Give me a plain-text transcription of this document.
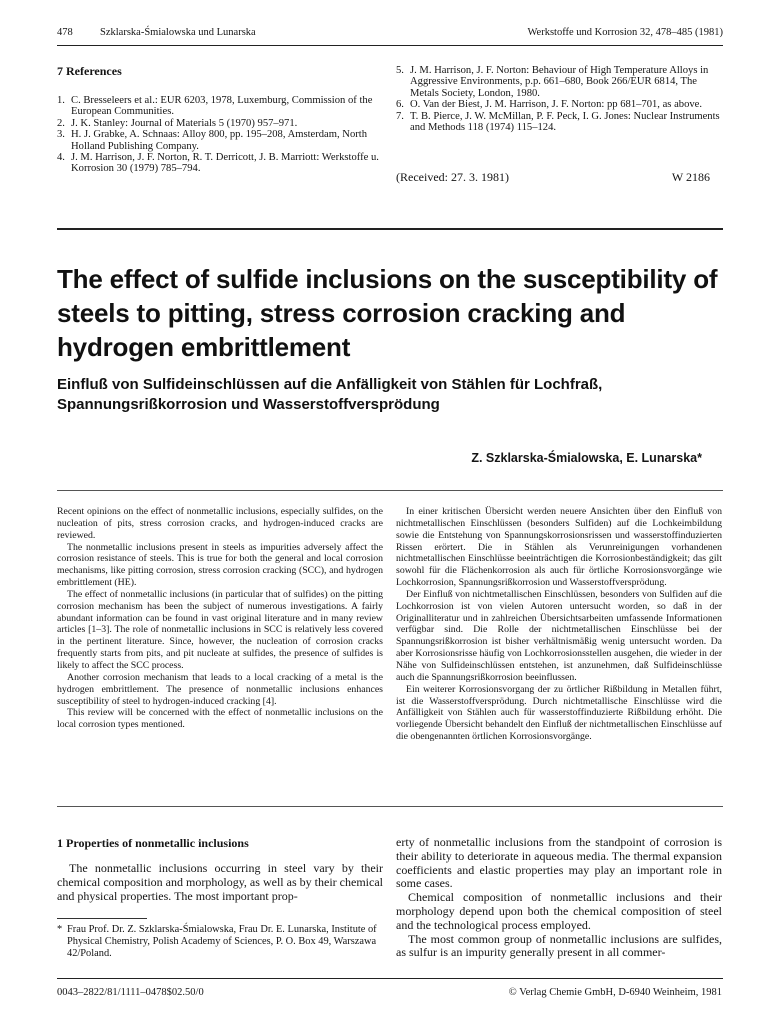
478	Szklarska-Śmialowska und Lunarska	Werkstoffe und Korrosion 32, 478–485 (1981)
7 References
1. C. Bresseleers et al.: EUR 6203, 1978, Luxemburg, Commission of the European Communities.
2. J. K. Stanley: Journal of Materials 5 (1970) 957–971.
3. H. J. Grabke, A. Schnaas: Alloy 800, pp. 195–208, Amsterdam, North Holland Publishing Company.
4. J. M. Harrison, J. F. Norton, R. T. Derricott, J. B. Marriott: Werkstoffe u. Korrosion 30 (1979) 785–794.
5. J. M. Harrison, J. F. Norton: Behaviour of High Temperature Alloys in Aggressive Environments, p.p. 661–680, Book 266/EUR 6814, The Metals Society, London, 1980.
6. O. Van der Biest, J. M. Harrison, J. F. Norton: pp 681–701, as above.
7. T. B. Pierce, J. W. McMillan, P. F. Peck, I. G. Jones: Nuclear Instruments and Methods 118 (1974) 115–124.
(Received: 27. 3. 1981)	W 2186
The effect of sulfide inclusions on the susceptibility of steels to pitting, stress corrosion cracking and hydrogen embrittlement
Einfluß von Sulfideinschlüssen auf die Anfälligkeit von Stählen für Lochfraß, Spannungsrißkorrosion und Wasserstoffversprödung
Z. Szklarska-Śmialowska, E. Lunarska*

Recent opinions on the effect of nonmetallic inclusions, especially sulfides, on the nucleation of pits, stress corrosion cracks, and hydrogen-induced cracks are reviewed.

The nonmetallic inclusions present in steels as impurities adversely affect the corrosion resistance of steels. This is true for both the general and local corrosion mechanisms, like pitting corrosion, stress corrosion cracking (SCC), and hydrogen embrittlement (HE).

The effect of nonmetallic inclusions (in particular that of sulfides) on the pitting corrosion mechanism has been the subject of numerous investigations. A fairly abundant information can be found in vast original literature and in many review articles [1–3]. The role of nonmetallic inclusions in SCC is relatively less covered in the pertinent literature. Since, however, the nucleation of corrosion cracks frequently starts from pits, and pit nucleate at sulfides, the presence of sulfides is likely to affect the SCC process.

Another corrosion mechanism that leads to a local cracking of a metal is the hydrogen embrittlement. The presence of nonmetallic inclusions enhances susceptibility of steel to hydrogen-induced cracking [4].

This review will be concerned with the effect of nonmetallic inclusions on the local corrosion types mentioned.

In einer kritischen Übersicht werden neuere Ansichten über den Einfluß von nichtmetallischen Einschlüssen (besonders Sulfiden) auf die Lochkeimbildung sowie die Entstehung von Spannungskorrosionsrissen und wasserstoffinduzierten Rissen erörtert. Die in Stählen als Verunreinigungen vorhandenen nichtmetallischen Einschlüsse beeinträchtigen die Korrosionbeständigkeit; das gilt sowohl für die Flächenkorrosion als auch für örtliche Korrosionsvorgänge wie Lochkorrosion, Spannungsrißkorrosion und Wasserstoffversprödung.

Der Einfluß von nichtmetallischen Einschlüssen, besonders von Sulfiden auf die Lochkorrosion ist von vielen Autoren untersucht worden, so daß in der Originalliteratur und in zahlreichen Übersichtsarbeiten umfassende Informationen verfügbar sind. Die Rolle der nichtmetallischen Einschlüsse bei der Spannungsrißkorrosion ist bisher verhältnismäßig wenig untersucht worden. Da aber Korrosionsrisse häufig von Lochkorrosionsstellen ausgehen, die wieder in der Nähe von Sulfideinschlüssen entstehen, ist anzunehmen, daß Sulfideinschlüsse auch die Spannungsrißkorrosion beeinflussen.

Ein weiterer Korrosionsvorgang der zu örtlicher Rißbildung in Metallen führt, ist die Wasserstoffversprödung. Durch nichtmetallische Einschlüsse wird die Anfälligkeit von Stählen auch für wasserstoffinduzierte Rißbildung erhöht. Die vorliegende Übersicht behandelt den Einfluß der nichtmetallischen Einschlüsse auf die obengenannten örtlichen Korrosionsvorgänge.

1 Properties of nonmetallic inclusions

The nonmetallic inclusions occurring in steel vary by their chemical composition and morphology, as well as by their chemical and physical properties. The most important prop-

erty of nonmetallic inclusions from the standpoint of corrosion is their ability to deteriorate in aqueous media. The thermal expansion coefficients and elastic properties may play an important role in some cases.

Chemical composition of nonmetallic inclusions and their morphology depend upon both the chemical composition of steel and the technological process employed.

The most common group of nonmetallic inclusions are sulfides, as sulfur is an impurity generally present in all commer-

* Frau Prof. Dr. Z. Szklarska-Śmialowska, Frau Dr. E. Lunarska, Institute of Physical Chemistry, Polish Academy of Sciences, P. O. Box 49, Warszawa 42/Poland.
0043–2822/81/1111–0478$02.50/0	© Verlag Chemie GmbH, D-6940 Weinheim, 1981
